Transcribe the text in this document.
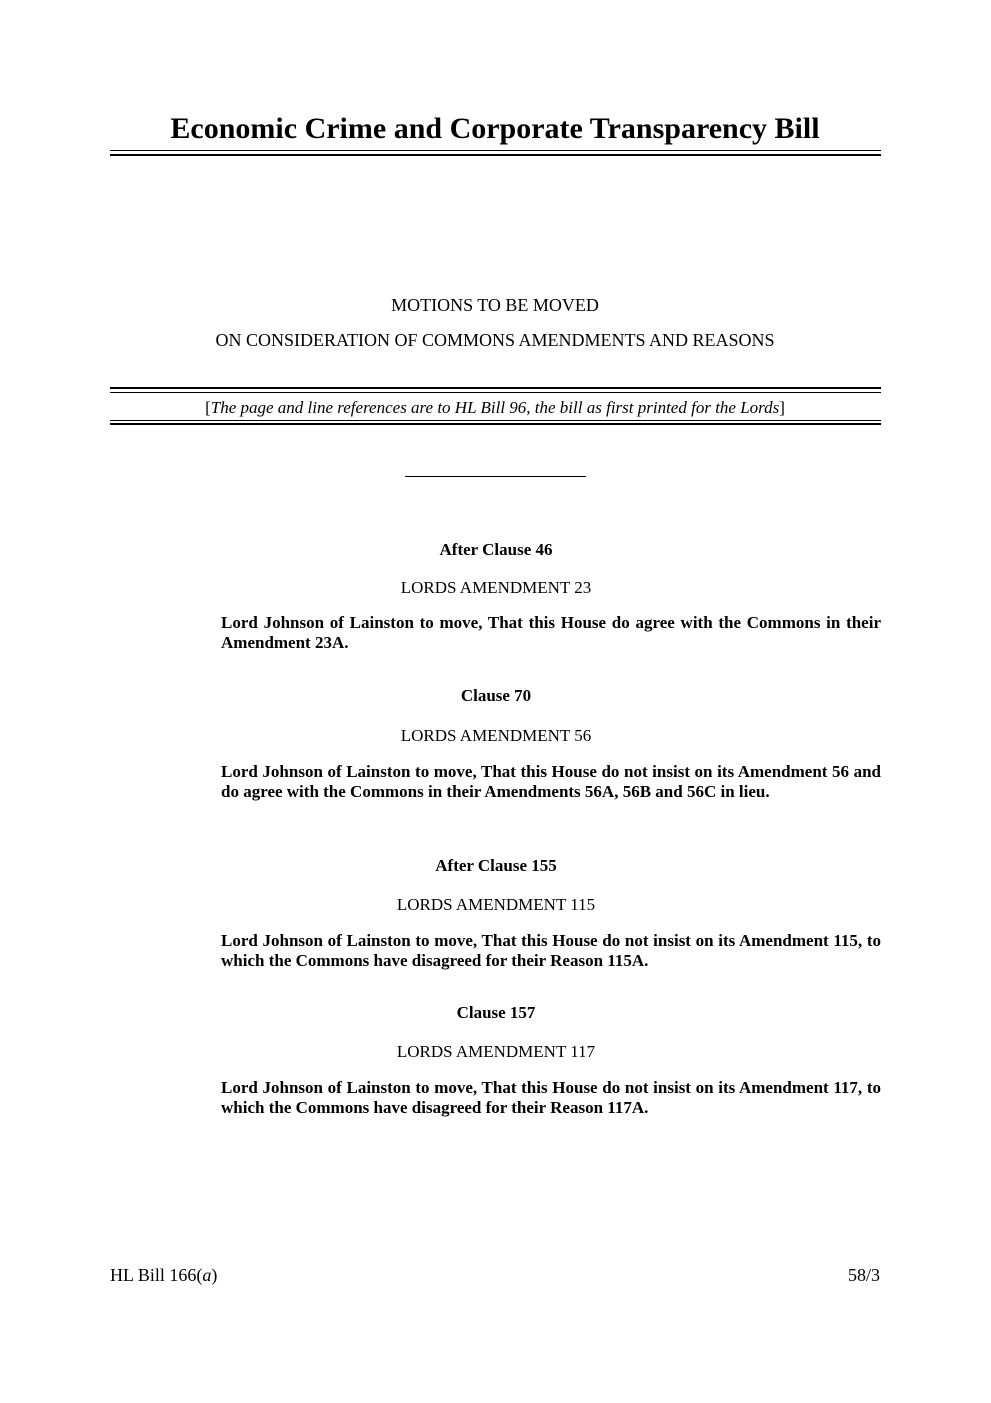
Economic Crime and Corporate Transparency Bill
MOTIONS TO BE MOVED
ON CONSIDERATION OF COMMONS AMENDMENTS AND REASONS
[The page and line references are to HL Bill 96, the bill as first printed for the Lords]
After Clause 46
LORDS AMENDMENT 23
Lord Johnson of Lainston to move, That this House do agree with the Commons in their Amendment 23A.
Clause 70
LORDS AMENDMENT 56
Lord Johnson of Lainston to move, That this House do not insist on its Amendment 56 and do agree with the Commons in their Amendments 56A, 56B and 56C in lieu.
After Clause 155
LORDS AMENDMENT 115
Lord Johnson of Lainston to move, That this House do not insist on its Amendment 115, to which the Commons have disagreed for their Reason 115A.
Clause 157
LORDS AMENDMENT 117
Lord Johnson of Lainston to move, That this House do not insist on its Amendment 117, to which the Commons have disagreed for their Reason 117A.
HL Bill 166(a)	58/3
